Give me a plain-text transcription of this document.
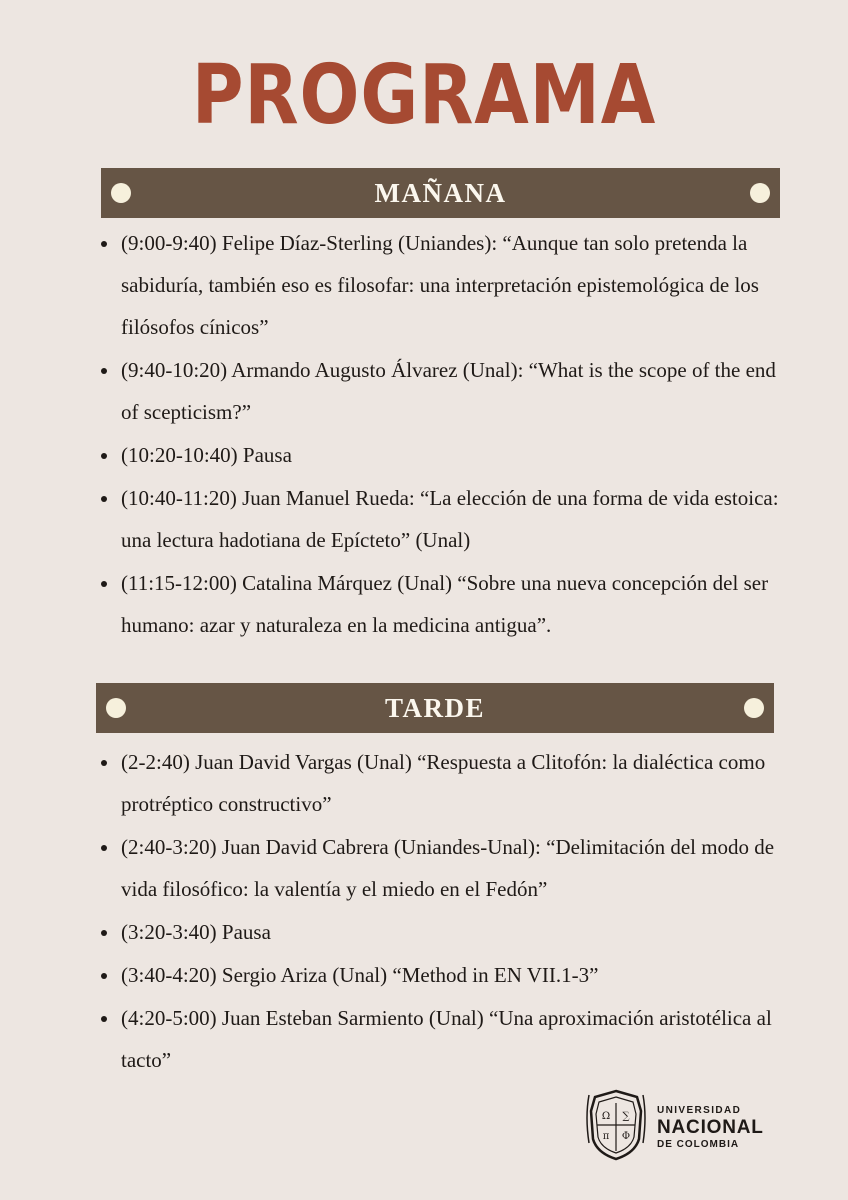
PROGRAMA
MAÑANA
(9:00-9:40) Felipe Díaz-Sterling (Uniandes): “Aunque tan solo pretenda la sabiduría, también eso es filosofar: una interpretación epistemológica de los filósofos cínicos”
(9:40-10:20) Armando Augusto Álvarez (Unal): “What is the scope of the end of scepticism?”
(10:20-10:40) Pausa
(10:40-11:20) Juan Manuel Rueda: “La elección de una forma de vida estoica: una lectura hadotiana de Epícteto” (Unal)
(11:15-12:00) Catalina Márquez (Unal) “Sobre una nueva concepción del ser humano: azar y naturaleza en la medicina antigua”.
TARDE
(2-2:40) Juan David Vargas (Unal) “Respuesta a Clitofón: la dialéctica como protréptico constructivo”
(2:40-3:20) Juan David Cabrera (Uniandes-Unal): “Delimitación del modo de vida filosófico: la valentía y el miedo en el Fedón”
(3:20-3:40) Pausa
(3:40-4:20) Sergio Ariza (Unal) “Method in EN VII.1-3”
(4:20-5:00) Juan Esteban Sarmiento (Unal) “Una aproximación aristotélica al tacto”
Ω ∑
π Φ
UNIVERSIDAD
NACIONAL
DE COLOMBIA
